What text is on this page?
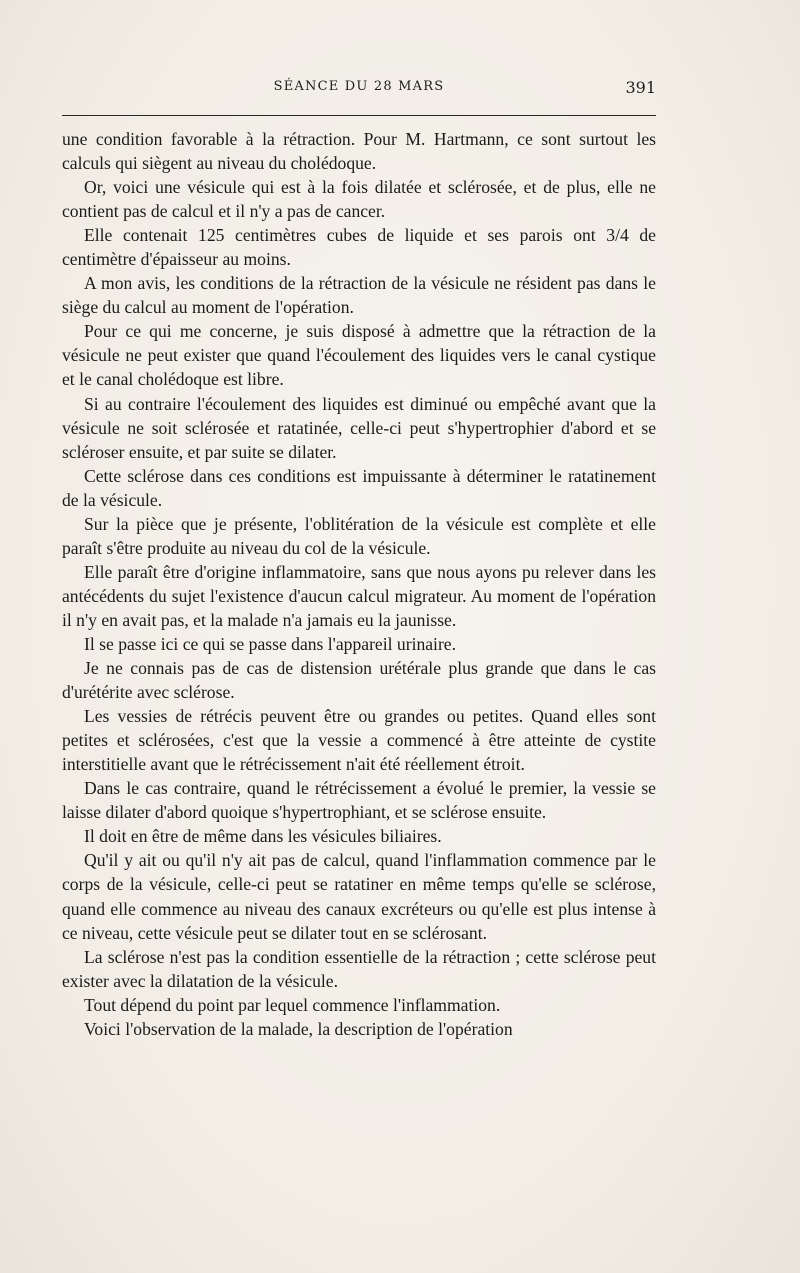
SÉANCE DU 28 MARS	391

une condition favorable à la rétraction. Pour M. Hartmann, ce sont surtout les calculs qui siègent au niveau du cholédoque.

Or, voici une vésicule qui est à la fois dilatée et sclérosée, et de plus, elle ne contient pas de calcul et il n'y a pas de cancer.

Elle contenait 125 centimètres cubes de liquide et ses parois ont 3/4 de centimètre d'épaisseur au moins.

A mon avis, les conditions de la rétraction de la vésicule ne résident pas dans le siège du calcul au moment de l'opération.

Pour ce qui me concerne, je suis disposé à admettre que la rétraction de la vésicule ne peut exister que quand l'écoulement des liquides vers le canal cystique et le canal cholédoque est libre.

Si au contraire l'écoulement des liquides est diminué ou empêché avant que la vésicule ne soit sclérosée et ratatinée, celle-ci peut s'hypertrophier d'abord et se scléroser ensuite, et par suite se dilater.

Cette sclérose dans ces conditions est impuissante à déterminer le ratatinement de la vésicule.

Sur la pièce que je présente, l'oblitération de la vésicule est complète et elle paraît s'être produite au niveau du col de la vésicule.

Elle paraît être d'origine inflammatoire, sans que nous ayons pu relever dans les antécédents du sujet l'existence d'aucun calcul migrateur. Au moment de l'opération il n'y en avait pas, et la malade n'a jamais eu la jaunisse.

Il se passe ici ce qui se passe dans l'appareil urinaire.

Je ne connais pas de cas de distension urétérale plus grande que dans le cas d'urétérite avec sclérose.

Les vessies de rétrécis peuvent être ou grandes ou petites. Quand elles sont petites et sclérosées, c'est que la vessie a commencé à être atteinte de cystite interstitielle avant que le rétrécissement n'ait été réellement étroit.

Dans le cas contraire, quand le rétrécissement a évolué le premier, la vessie se laisse dilater d'abord quoique s'hypertrophiant, et se sclérose ensuite.

Il doit en être de même dans les vésicules biliaires.

Qu'il y ait ou qu'il n'y ait pas de calcul, quand l'inflammation commence par le corps de la vésicule, celle-ci peut se ratatiner en même temps qu'elle se sclérose, quand elle commence au niveau des canaux excréteurs ou qu'elle est plus intense à ce niveau, cette vésicule peut se dilater tout en se sclérosant.

La sclérose n'est pas la condition essentielle de la rétraction ; cette sclérose peut exister avec la dilatation de la vésicule.

Tout dépend du point par lequel commence l'inflammation.

Voici l'observation de la malade, la description de l'opération
